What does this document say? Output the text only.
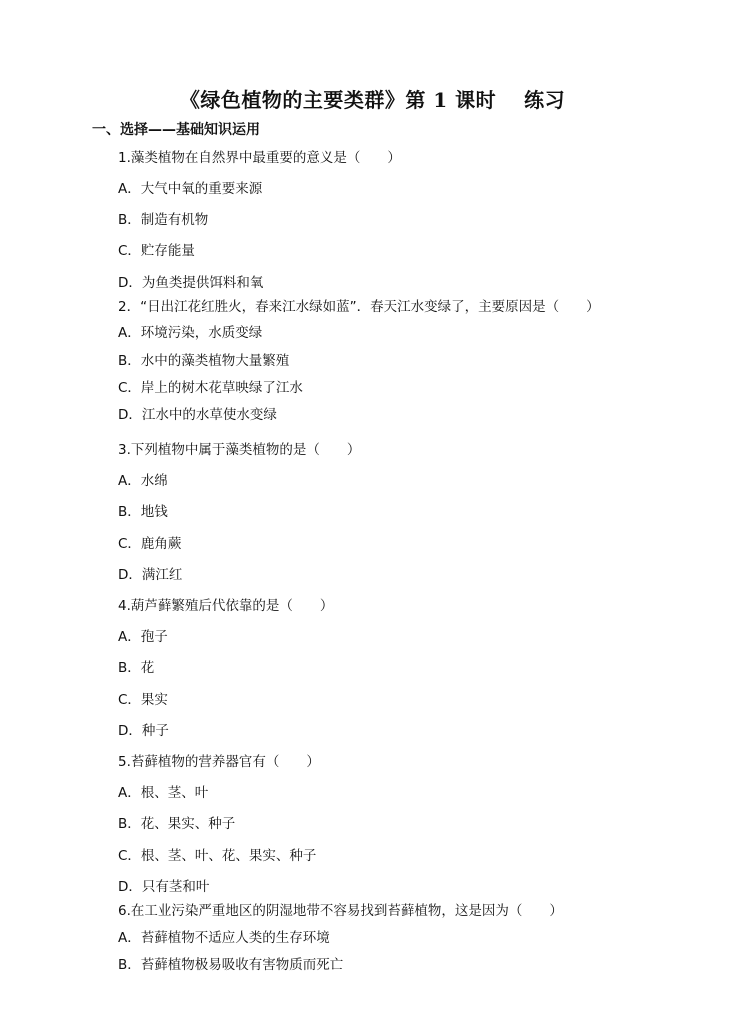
《绿色植物的主要类群》第 1 课时　 练习
一、选择——基础知识运用
1.藻类植物在自然界中最重要的意义是（　　）
A．大气中氧的重要来源
B．制造有机物
C．贮存能量
D．为鱼类提供饵料和氧
2．“日出江花红胜火，春来江水绿如蓝”．春天江水变绿了，主要原因是（　　）
A．环境污染，水质变绿
B．水中的藻类植物大量繁殖
C．岸上的树木花草映绿了江水
D．江水中的水草使水变绿
3.下列植物中属于藻类植物的是（　　）
A．水绵
B．地钱
C．鹿角蕨
D．满江红
4.葫芦藓繁殖后代依靠的是（　　）
A．孢子
B．花
C．果实
D．种子
5.苔藓植物的营养器官有（　　）
A．根、茎、叶
B．花、果实、种子
C．根、茎、叶、花、果实、种子
D．只有茎和叶
6.在工业污染严重地区的阴湿地带不容易找到苔藓植物，这是因为（　　）
A．苔藓植物不适应人类的生存环境
B．苔藓植物极易吸收有害物质而死亡
